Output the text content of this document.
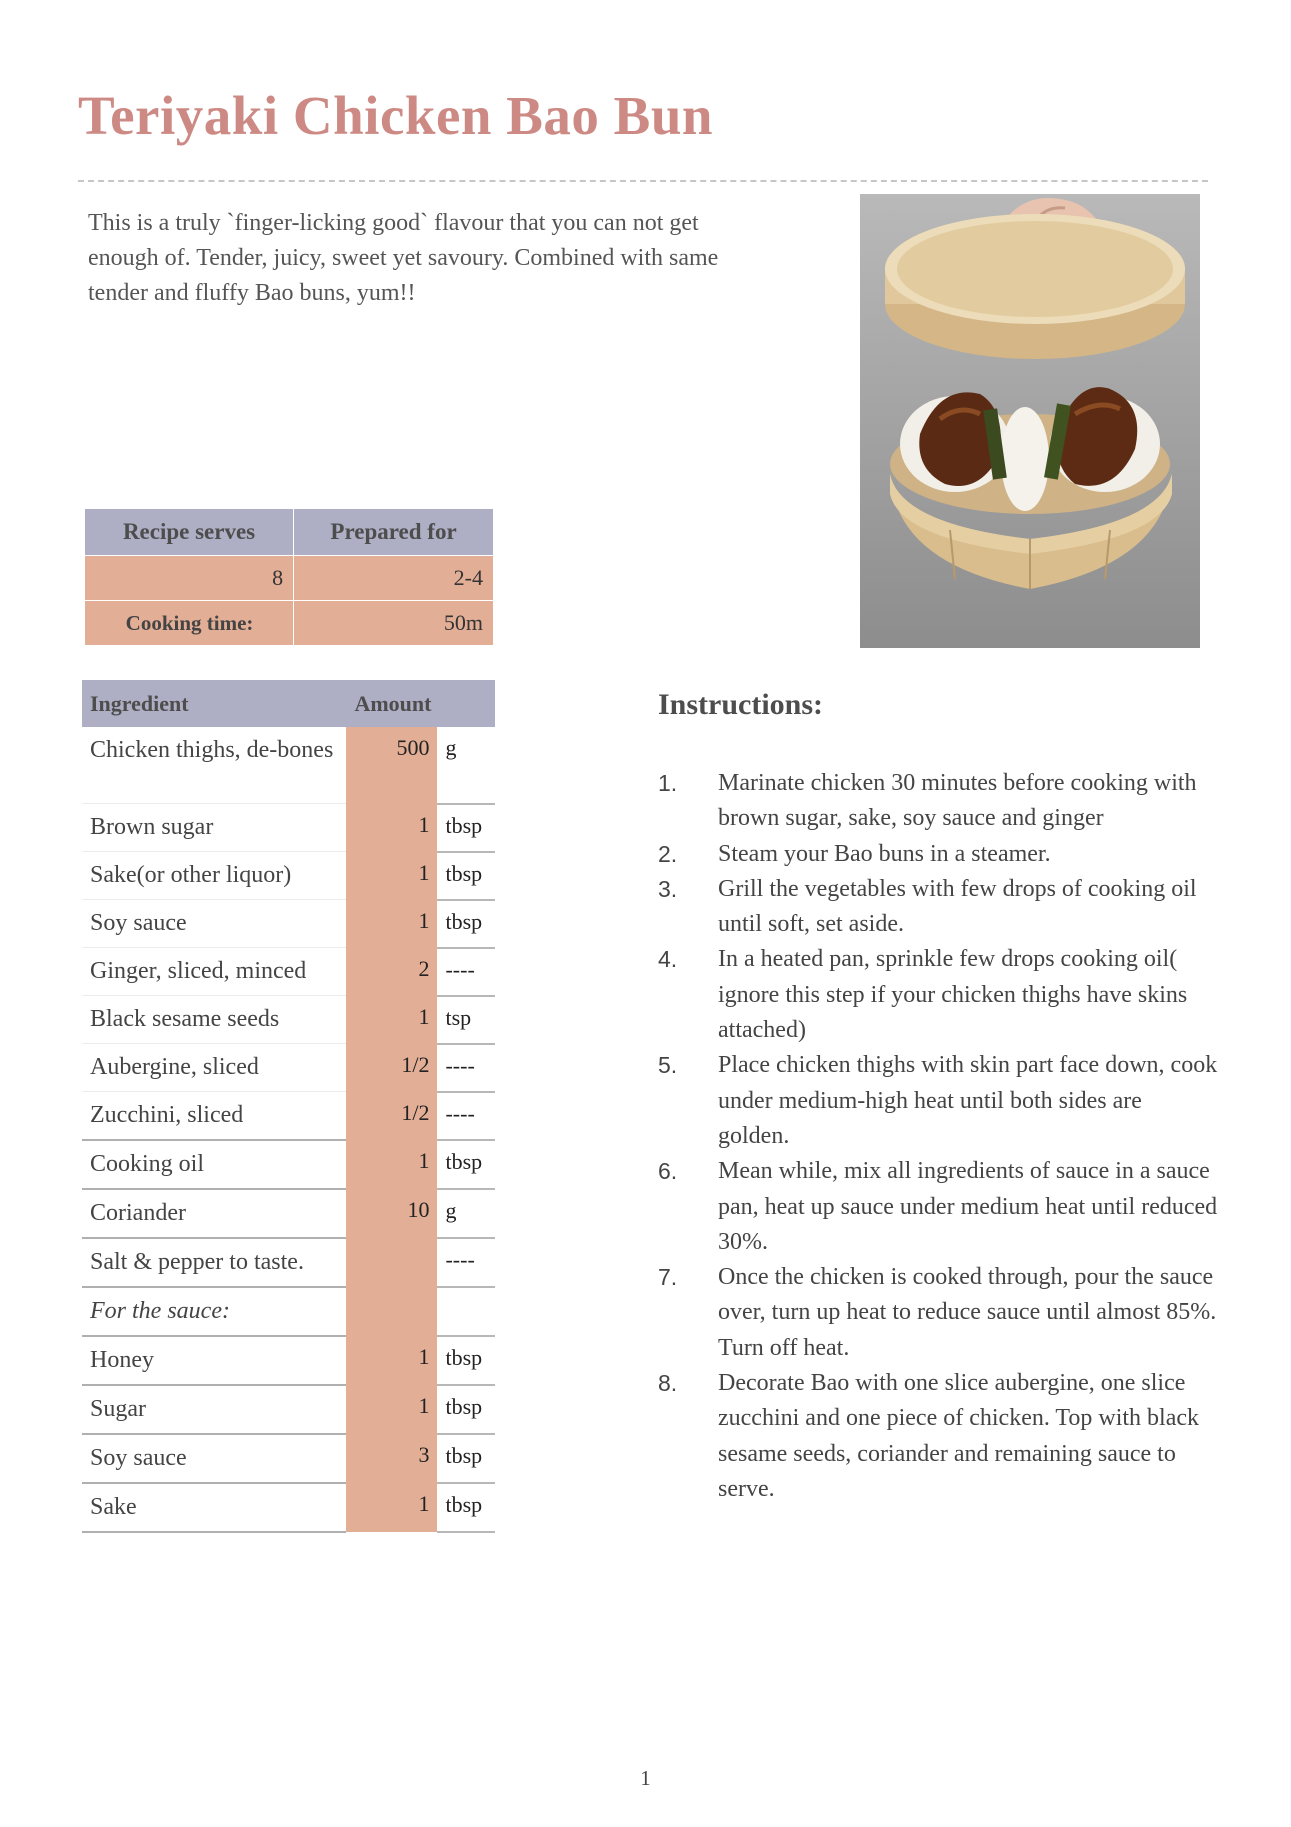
Teriyaki Chicken Bao Bun

This is a truly `finger-licking good` flavour that you can not get enough of. Tender, juicy, sweet yet savoury. Combined with same tender and fluffy Bao buns, yum!!

Recipe serves	Prepared for
8	2-4
Cooking time:	50m
Ingredient	Amount	
Chicken thighs, de-bones	500	g
Brown sugar	1	tbsp
Sake(or other liquor)	1	tbsp
Soy sauce	1	tbsp
Ginger, sliced, minced	2	----
Black sesame seeds	1	tsp
Aubergine, sliced	1/2	----
Zucchini, sliced	1/2	----
Cooking oil	1	tbsp
Coriander	10	g
Salt & pepper to taste.		----
For the sauce:		
Honey	1	tbsp
Sugar	1	tbsp
Soy sauce	3	tbsp
Sake	1	tbsp
Instructions:
1. Marinate chicken 30 minutes before cooking with brown sugar, sake, soy sauce and ginger
2. Steam your Bao buns in a steamer.
3. Grill the vegetables with few drops of cooking oil until soft, set aside.
4. In a heated pan, sprinkle few drops cooking oil( ignore this step if your chicken thighs have skins attached)
5. Place chicken thighs with skin part face down, cook under medium-high heat until both sides are golden.
6. Mean while, mix all ingredients of sauce in a sauce pan, heat up sauce under medium heat until reduced 30%.
7. Once the chicken is cooked through, pour the sauce over, turn up heat to reduce sauce until almost 85%. Turn off heat.
8. Decorate Bao with one slice aubergine, one slice zucchini and one piece of chicken. Top with black sesame seeds, coriander and remaining sauce to serve.
1
